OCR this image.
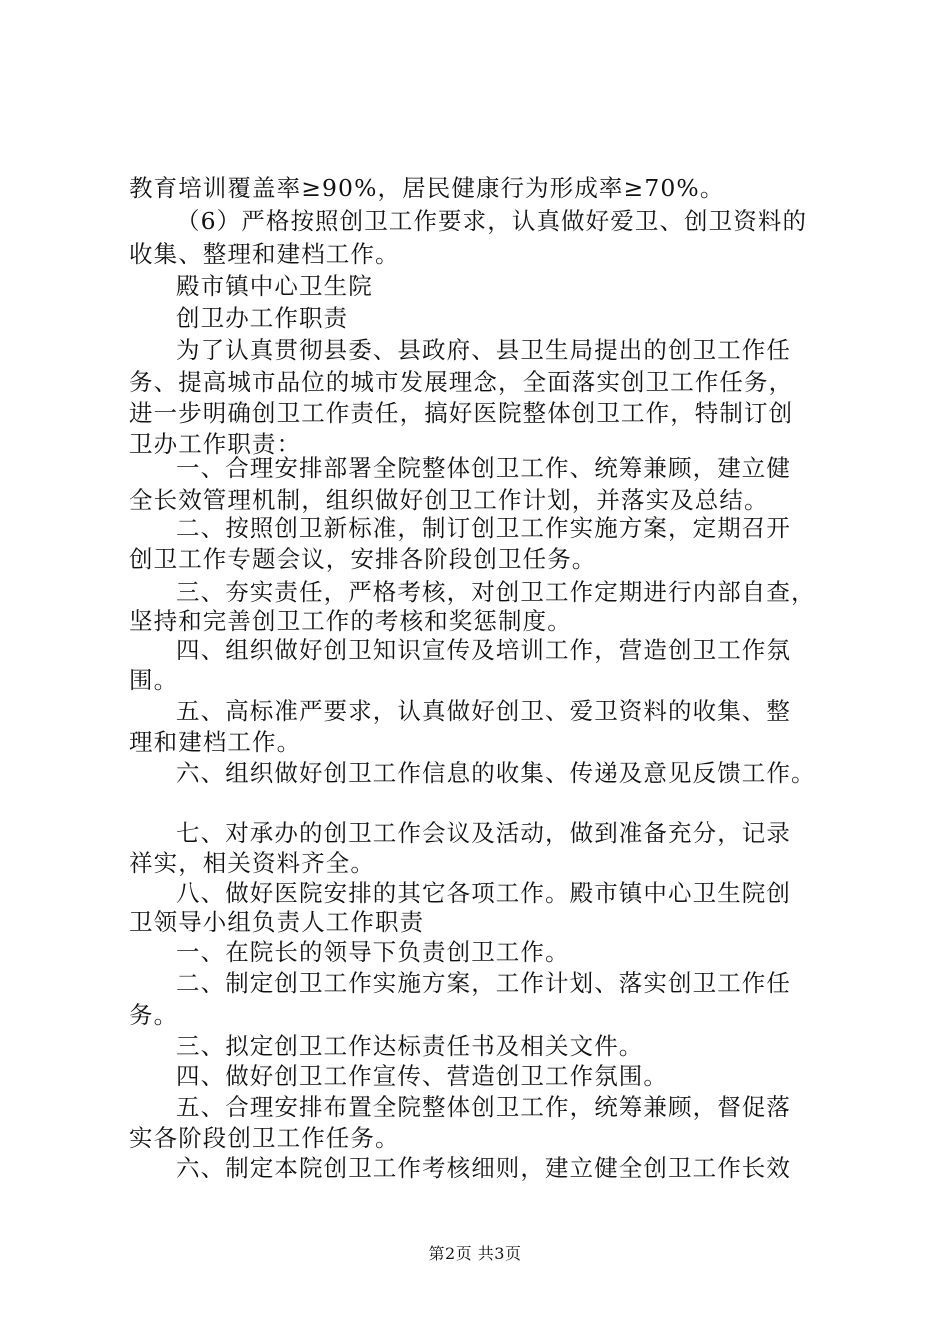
教育培训覆盖率≥90%，居民健康行为形成率≥70%。
（6）严格按照创卫工作要求，认真做好爱卫、创卫资料的
收集、整理和建档工作。
殿市镇中心卫生院
创卫办工作职责
为了认真贯彻县委、县政府、县卫生局提出的创卫工作任
务、提高城市品位的城市发展理念，全面落实创卫工作任务，
进一步明确创卫工作责任，搞好医院整体创卫工作，特制订创
卫办工作职责：
一、合理安排部署全院整体创卫工作、统筹兼顾，建立健
全长效管理机制，组织做好创卫工作计划，并落实及总结。
二、按照创卫新标准，制订创卫工作实施方案，定期召开
创卫工作专题会议，安排各阶段创卫任务。
三、夯实责任，严格考核，对创卫工作定期进行内部自查，
坚持和完善创卫工作的考核和奖惩制度。
四、组织做好创卫知识宣传及培训工作，营造创卫工作氛
围。
五、高标准严要求，认真做好创卫、爱卫资料的收集、整
理和建档工作。
六、组织做好创卫工作信息的收集、传递及意见反馈工作。
七、对承办的创卫工作会议及活动，做到准备充分，记录
祥实，相关资料齐全。
八、做好医院安排的其它各项工作。殿市镇中心卫生院创
卫领导小组负责人工作职责
一、在院长的领导下负责创卫工作。
二、制定创卫工作实施方案，工作计划、落实创卫工作任
务。
三、拟定创卫工作达标责任书及相关文件。
四、做好创卫工作宣传、营造创卫工作氛围。
五、合理安排布置全院整体创卫工作，统筹兼顾，督促落
实各阶段创卫工作任务。
六、制定本院创卫工作考核细则，建立健全创卫工作长效
第2页 共3页
